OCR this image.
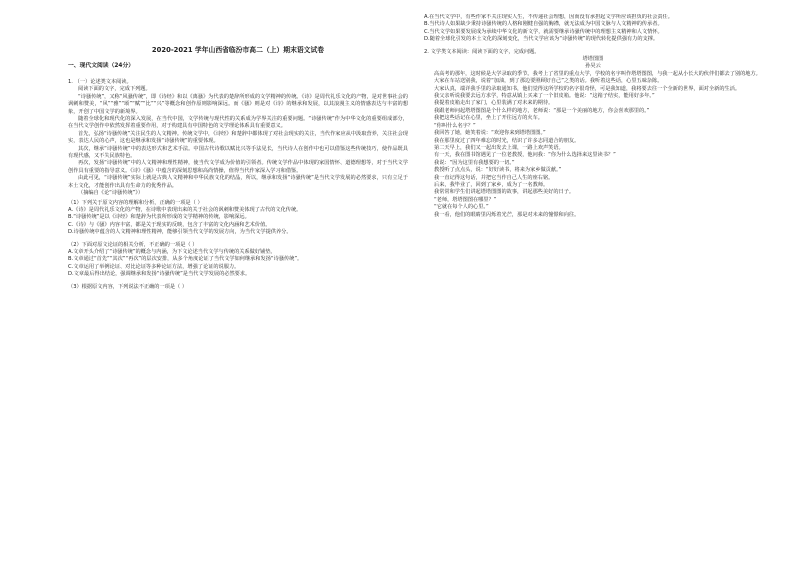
2020-2021 学年山西省临汾市高二（上）期末语文试卷
一、现代文阅读（24分）

1. （一）论述类文本阅读。

阅读下面的文字，完成下列题。

“诗骚传统”，又称“风骚传统”，即《诗经》和以《离骚》为代表的楚辞所形成的文学精神的传统。《诗》是周代礼乐文化的产物，是对世事社会的讽刺和赞美，“风”“雅”“颂”“赋”“比”“兴”等概念和创作原则影响深远。而《骚》则是对《诗》的继承和发展，以其浪漫主义的情感表达与丰富的想象，开创了中国文学的新境界。

随着全球化和现代化的深入发展，在当代中国，文学传统与现代性的关系成为学界关注的重要问题。“诗骚传统”作为中华文化的重要组成部分，在当代文学创作中依然发挥着重要作用，对于构建具有中国特色的文学理论体系具有重要意义。

首先，弘扬“诗骚传统”关注民生的人文精神。传统文学中，《诗经》和楚辞中都体现了对社会现实的关注，当代作家应从中汲取营养，关注社会现实，表达人民的心声，这也是继承和发扬“诗骚传统”的重要体现。

其次，继承“诗骚传统”中的表达形式和艺术手法。中国古代诗歌以赋比兴等手法见长，当代诗人在创作中也可以借鉴这些传统技巧，使作品既具有现代感，又不失民族特色。

再次，发扬“诗骚传统”中的人文精神和理性精神，使当代文学成为价值的引领者。传统文学作品中体现的家国情怀、道德理想等，对于当代文学创作具有重要的指导意义。《诗》《骚》中蕴含的深刻思想和高尚情操，值得当代作家深入学习和借鉴。

由此可见，“诗骚传统”实际上就是古典人文精神和中华民族文化的结晶，所以，继承和发扬“诗骚传统”是当代文学发展的必然要求，只有立足于本土文化，才能创作出具有生命力的优秀作品。

（摘编自《论“诗骚传统”》）

（1）下列关于原文内容的理解和分析，正确的一项是（ ）

A.《诗》是周代礼乐文化的产物，在诗歌中表现出来的关于社会的讽刺和赞美体现了古代的文化传统。

B.“诗骚传统”是以《诗经》和楚辞为代表所形成的文学精神的传统，影响深远。

C.《诗》与《骚》内容丰富，都是关于现实的反映，包含了丰富的文化内涵和艺术价值。

D.诗骚传统中蕴含的人文精神和理性精神，能够引领当代文学的发展方向，为当代文学提供养分。

（2）下面对原文论证的相关分析，不正确的一项是（ ）

A.文章开头介绍了“诗骚传统”的概念与内涵，为下文论述当代文学与传统的关系做好铺垫。

B.文章通过“首先”“其次”“再次”的层次安排，从多个角度论证了当代文学如何继承和发扬“诗骚传统”。

C.文章运用了举例论证、对比论证等多种论证方法，增强了论证的说服力。

D.文章最后得出结论，强调继承和发扬“诗骚传统”是当代文学发展的必然要求。

（3）根据原文内容，下列说法不正确的一项是（ ）

A.在当代文学中，有些作家不关注现实人生，不传递社会理想，因而没有承担起文学所应该担负的社会责任。

B.当代诗人如果缺少秉持诗骚传统的人格和刚健自强的胸襟，就无法成为中国文脉与人文精神的传承者。

C.当代文学如果要发展成为承续中华文化的新文学，就需要继承诗骚传统中的理想主义精神和人文情怀。

D.随着全球化引发的本土文化的深刻变化，当代文学应该为“诗骚传统”的现代转化提供强有力的支撑。

2. 文学类文本阅读：阅读下面的文字，完成问题。

塔塔图图

孙昊云

高高考的那年，这时候是大学录取的季节。我考上了省里的重点大学，学校的名字叫作塔塔图图，与我一起从小长大的伙伴们都去了别的地方。

大家在车站送别我，说着“加油，到了那边要照顾好自己”之类的话。我听着这些话，心里五味杂陈。

大家认真，端详我手里的录取通知书，他们觉得这所学校的名字很奇怪，可是我知道，我将要去往一个全新的世界，面对全新的生活。

我父亲听说我要去远方求学，特意从镇上买来了一个旧皮箱。他说：“这箱子结实，能用好多年。”

我提着皮箱走出了家门，心里装满了对未来的期待。

我跟老师问起塔塔图图是个什么样的地方，老师说：“那是一个美丽的地方，你会喜欢那里的。”

我把这些话记在心里，坐上了开往远方的火车。

“你叫什么名字？”

我回答了她，她笑着说：“欢迎你来到塔塔图图。”

我在那里度过了四年难忘的时光，结识了许多志同道合的朋友。

第二天早上，我们又一起出发去上课，一路上欢声笑语。

有一天，我在图书馆遇见了一位老教授，他问我：“你为什么选择来这里读书？”

我说：“因为这里有我想要的一切。”

教授听了点点头，说：“好好读书，将来为家乡做贡献。”

我一直记得这句话，并把它当作自己人生的座右铭。

后来，我毕业了，回到了家乡，成为了一名教师。

我常常和学生们讲起塔塔图图的故事，讲起那些美好的日子。

“老师，塔塔图图在哪里？”

“它就在每个人的心里。”

我一看，他们的眼睛里闪烁着光芒，那是对未来的憧憬和向往。
